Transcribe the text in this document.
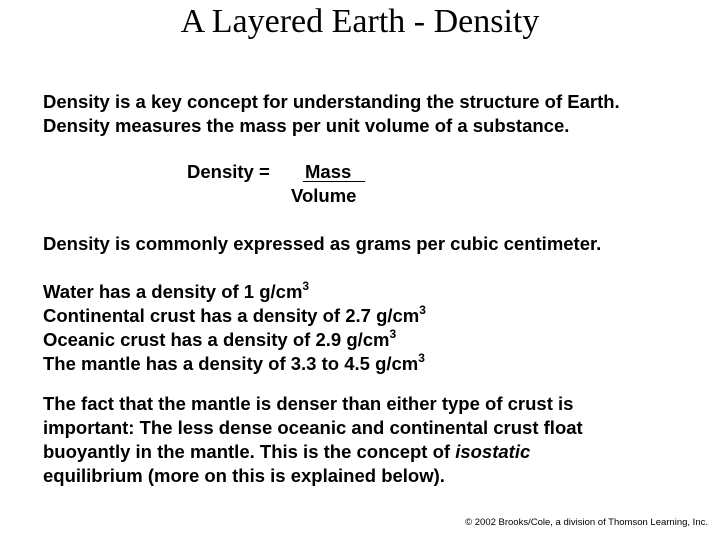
A Layered Earth - Density
Density is a key concept for understanding the structure of Earth.
Density measures the mass per unit volume of a substance.
Density = Mass
Volume
Density is commonly expressed as grams per cubic centimeter.
Water has a density of 1 $g/cm^3$
Continental crust has a density of 2.7 $g/cm^3$
Oceanic crust has a density of 2.9 $g/cm^3$
The mantle has a density of 3.3 to 4.5 $g/cm^3$
The fact that the mantle is denser than either type of crust is
important: The less dense oceanic and continental crust float
buoyantly in the mantle. This is the concept of isostatic
equilibrium (more on this is explained below).
© 2002 Brooks/Cole, a division of Thomson Learning, Inc.
